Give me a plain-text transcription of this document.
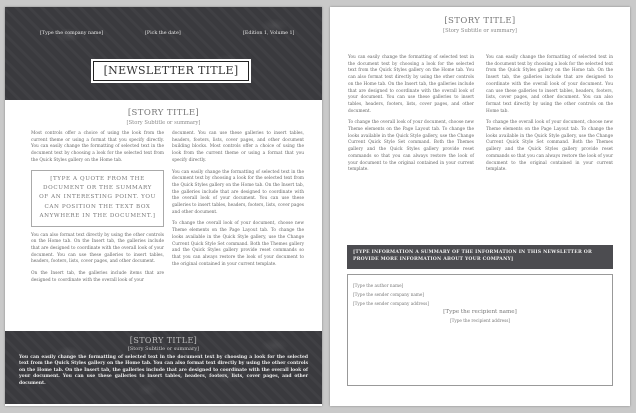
[Type the company name]	[Pick the date]	[Edition 1, Volume 1]
[NEWSLETTER TITLE]
[STORY TITLE]
[Story Subtitle or summary]

Most controls offer a choice of using the look from the current theme or using a format that you specify directly. You can easily change the formatting of selected text in the document text by choosing a look for the selected text from the Quick Styles gallery on the Home tab.

[TYPE A QUOTE FROM THE DOCUMENT OR THE SUMMARY OF AN INTERESTING POINT. YOU CAN POSITION THE TEXT BOX ANYWHERE IN THE DOCUMENT.]

You can also format text directly by using the other controls on the Home tab. On the Insert tab, the galleries include that are designed to coordinate with the overall look of your document. You can use these galleries to insert tables, headers, footers, lists, cover pages, and other document.

On the Insert tab, the galleries include items that are designed to coordinate with the overall look of your

document. You can use these galleries to insert tables, headers, footers, lists, cover pages, and other document building blocks. Most controls offer a choice of using the look from the current theme or using a format that you specify directly.

You can easily change the formatting of selected text in the document text by choosing a look for the selected text from the Quick Styles gallery on the Home tab. On the Insert tab, the galleries include that are designed to coordinate with the overall look of your document. You can use these galleries to insert tables, headers, footers, lists, cover pages and other document.

To change the overall look of your document, choose new Theme elements on the Page Layout tab. To change the looks available in the Quick Style gallery, use the Change Current Quick Style Set command. Both the Themes gallery and the Quick Styles gallery provide reset commands so that you can always restore the look of your document to the original contained in your current template.

[STORY TITLE]
[Story Subtitle or summary]
You can easily change the formatting of selected text in the document text by choosing a look for the selected text from the Quick Styles gallery on the Home tab. You can also format text directly by using the other controls on the Home tab. On the Insert tab, the galleries include that are designed to coordinate with the overall look of your document. You can use these galleries to insert tables, headers, footers, lists, cover pages, and other document.
[STORY TITLE]
[Story Subtitle or summary]

You can easily change the formatting of selected text in the document text by choosing a look for the selected text from the Quick Styles gallery on the Home tab. You can also format text directly by using the other controls on the Home tab. On the Insert tab, the galleries include that are designed to coordinate with the overall look of your document. You can use these galleries to insert tables, headers, footers, lists, cover pages, and other document.

To change the overall look of your document, choose new Theme elements on the Page Layout tab. To change the looks available in the Quick Style gallery, use the Change Current Quick Style Set command. Both the Themes gallery and the Quick Styles gallery provide reset commands so that you can always restore the look of your document to the original contained in your current template.

You can easily change the formatting of selected text in the document text by choosing a look for the selected text from the Quick Styles gallery on the Home tab. On the Insert tab, the galleries include that are designed to coordinate with the overall look of your document. You can use these galleries to insert tables, headers, footers, lists, cover pages, and other document. You can also format text directly by using the other controls on the Home tab.

To change the overall look of your document, choose new Theme elements on the Page Layout tab. To change the looks available in the Quick Style gallery, use the Change Current Quick Style Set command. Both the Themes gallery and the Quick Styles gallery provide reset commands so that you can always restore the look of your document to the original contained in your current template.

[TYPE INFORMATION A SUMMARY OF THE INFORMATION IN THIS NEWSLETTER OR PROVIDE MORE INFORMATION ABOUT YOUR COMPANY]
[Type the author name]
[Type the sender company name]
[Type the sender company address]
[Type the recipient name]
[Type the recipient address]
